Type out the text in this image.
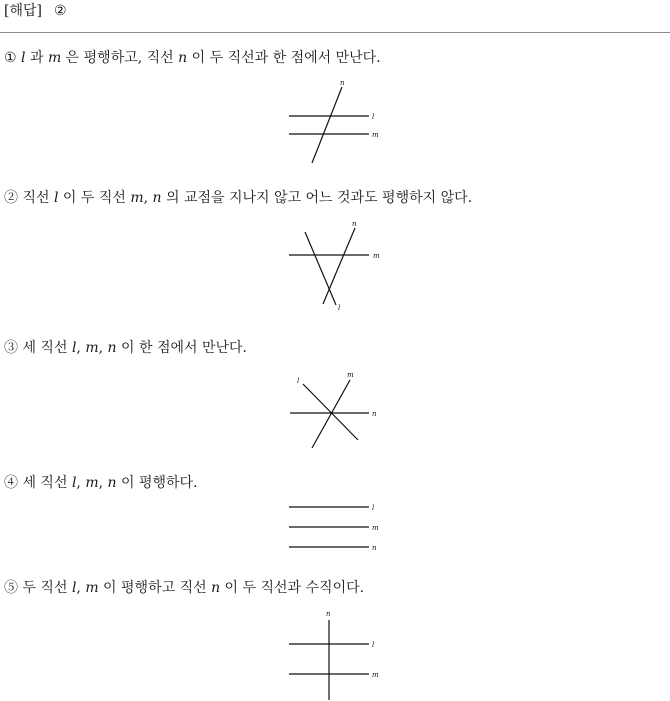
[해답] ②
① l 과 m 은 평행하고, 직선 n 이 두 직선과 한 점에서 만난다.
② 직선 l 이 두 직선 m, n 의 교점을 지나지 않고 어느 것과도 평행하지 않다.
③ 세 직선 l, m, n 이 한 점에서 만난다.
④ 세 직선 l, m, n 이 평행하다.
⑤ 두 직선 l, m 이 평행하고 직선 n 이 두 직선과 수직이다.
n
l
m
n
m
l
l
m
n
l
m
n
n
l
m
